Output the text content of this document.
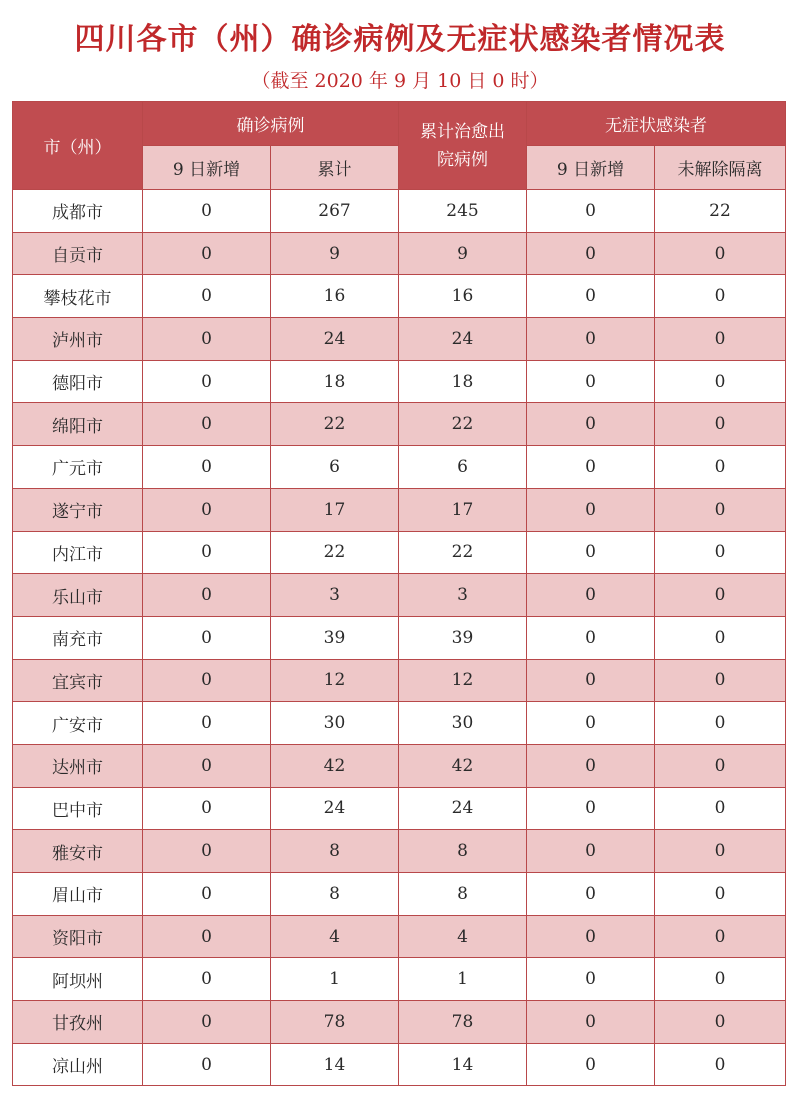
四川各市（州）确诊病例及无症状感染者情况表
（截至 2020 年 9 月 10 日 0 时）
市（州）	确诊病例		累计治愈出院病例	无症状感染者	
	9 日新增	累计		9 日新增	未解除隔离
成都市	0	267	245	0	22
自贡市	0	9	9	0	0
攀枝花市	0	16	16	0	0
泸州市	0	24	24	0	0
德阳市	0	18	18	0	0
绵阳市	0	22	22	0	0
广元市	0	6	6	0	0
遂宁市	0	17	17	0	0
内江市	0	22	22	0	0
乐山市	0	3	3	0	0
南充市	0	39	39	0	0
宜宾市	0	12	12	0	0
广安市	0	30	30	0	0
达州市	0	42	42	0	0
巴中市	0	24	24	0	0
雅安市	0	8	8	0	0
眉山市	0	8	8	0	0
资阳市	0	4	4	0	0
阿坝州	0	1	1	0	0
甘孜州	0	78	78	0	0
凉山州	0	14	14	0	0
